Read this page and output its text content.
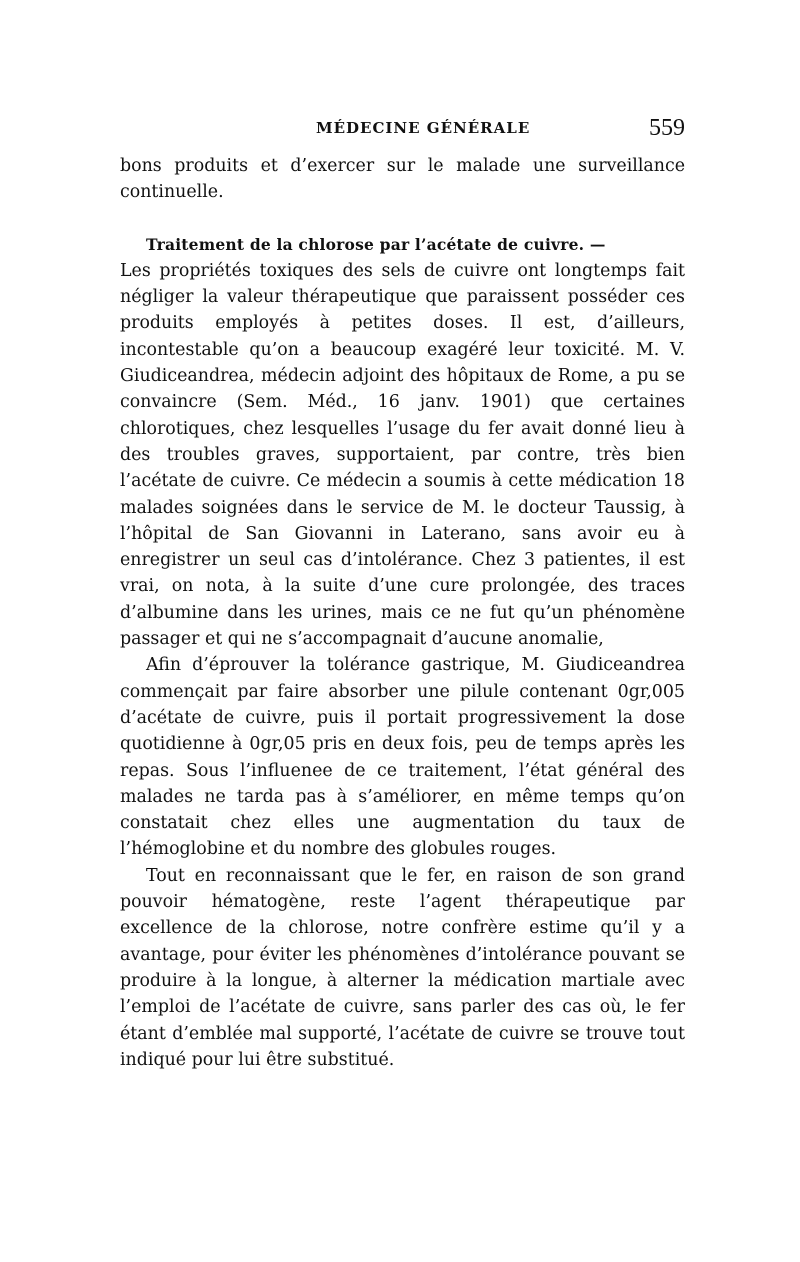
MÉDECINE GÉNÉRALE	559

bons produits et d’exercer sur le malade une surveillance continuelle.

Traitement de la chlorose par l’acétate de cuivre. —
Les propriétés toxiques des sels de cuivre ont longtemps fait négliger la valeur thérapeutique que paraissent posséder ces produits employés à petites doses. Il est, d’ailleurs, incontestable qu’on a beaucoup exagéré leur toxicité. M. V. Giudiceandrea, médecin adjoint des hôpitaux de Rome, a pu se convaincre (Sem. Méd., 16 janv. 1901) que certaines chlorotiques, chez lesquelles l’usage du fer avait donné lieu à des troubles graves, supportaient, par contre, très bien l’acétate de cuivre. Ce médecin a soumis à cette médication 18 malades soignées dans le service de M. le docteur Taussig, à l’hôpital de San Giovanni in Laterano, sans avoir eu à enregistrer un seul cas d’intolérance. Chez 3 patientes, il est vrai, on nota, à la suite d’une cure prolongée, des traces d’albumine dans les urines, mais ce ne fut qu’un phénomène passager et qui ne s’accompagnait d’aucune anomalie,

Afin d’éprouver la tolérance gastrique, M. Giudiceandrea commençait par faire absorber une pilule contenant 0gr,005 d’acétate de cuivre, puis il portait progressivement la dose quotidienne à 0gr,05 pris en deux fois, peu de temps après les repas. Sous l’influenee de ce traitement, l’état général des malades ne tarda pas à s’améliorer, en même temps qu’on constatait chez elles une augmentation du taux de l’hémoglobine et du nombre des globules rouges.

Tout en reconnaissant que le fer, en raison de son grand pouvoir hématogène, reste l’agent thérapeutique par excellence de la chlorose, notre confrère estime qu’il y a avantage, pour éviter les phénomènes d’intolérance pouvant se produire à la longue, à alterner la médication martiale avec l’emploi de l’acétate de cuivre, sans parler des cas où, le fer étant d’emblée mal supporté, l’acétate de cuivre se trouve tout indiqué pour lui être substitué.
